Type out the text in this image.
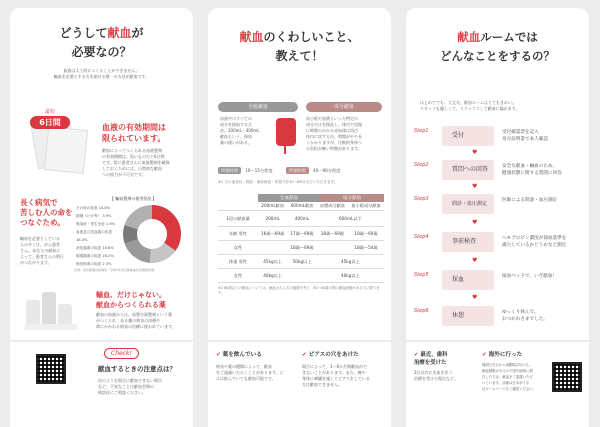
どうして献血が
必要なの？
血液は人工的につくることができません。
輸血を必要とする方を助ける唯一の方法が献血です。
最短
6日間
血液の有効期間は
限られています。
献血によってつくられる血液製剤
の有効期間は、短いものだと6日間
です。常に患者さんに血液製剤を確保
しておくためには、日常的な献血
への協力が不可欠です。
長く病気で
苦しむ人の命を
つなぐため。
輸血を必要としている
人の多くは、がん患者
さん。あなたの献血に
よって、患者さんの明日
がつながります。
【 輸血製剤の使用状況 】
悪性新生物
34.9%
その他の疾患 14.8%
損傷（けが等） 3.9%
感染症・寄生虫症 1.9%
血液及び造血器の疾患 18.3%
消化器系の疾患 10.6%
循環器系の疾患 16.2%
筋骨格系の疾患 2.3%
出典：東京都福祉保健局「令和4年東京都輸血状況調査結果」
輸血、だけじゃない。
献血からつくられる薬
献血の血液からは、血漿分画製剤という薬
がつくられ、ある種の病気の治療や
命にかかわる病気の治療に使われています。
Check!
献血するときの注意点は？
次のような場合に献血できない場合
など、不安なことは献血会場の
検診医にご相談ください。
献血のくわしいこと、
教えて！
全血献血	成分献血
血液中のすべての
成分を採血する方
法。200mL・400mL
献血という。採血
量の違いがある。
血小板や血漿といった特定の
成分だけを採血し、体内で回復
に時間のかかる赤血球は再び
体内に戻す方法。時間がやや長
くかかりますが、比較的身体へ
の負担が軽い特徴があります。
所要時間 10〜15分程度	所要時間 40〜90分程度
※1 その他受付・問診・事前検査・休憩で計30〜60分ほどいただきます。
全血献血	成分献血
	200mL献血	400mL献血	血漿成分献血	血小板成分献血
1回の献血量	200mL	400mL	600mL以下	
年齢 男性	16歳〜69歳	17歳〜69歳	18歳〜69歳	18歳〜69歳
女性		18歳〜69歳		18歳〜54歳
体重 男性	45kg以上	50kg以上	45kg以上	
女性	40kg以上		40kg以上	
※2 65歳以上の献血については、献血される方の健康を考え、60〜64歳の間に献血経験がある方に限ります。
✔ 薬を飲んでいる
病気や薬の種類によって、献血
をご遠慮いただくことがあります。ピ
ルは飲んでいても献血可能です。
✔ ピアスの穴をあけた
場合によって、1〜6か月間献血がで
きないことがあります。また、痩や
身体に刺繍を施してピアスをしている
方は献血できません。
献血ルームでは
どんなことをするの？
はじめてでも、大丈夫。献血ルームはとてもきれい。
スタッフも優しくて、リラックスして献血に臨めます。
Step1
受付	受付確認票を記入
身分証明書で本人確認
Step2
質問への回答	安全な献血・輸血のため、
健康状態に関する質問に回答
Step3
問診・血圧測定
医師による問診・血圧測定
Step4
事前検査	ヘモグロビン濃度が採血基準を
満たしているかどうかなど測定
Step5
採血	採血ベッドで、いざ献血！
Step6
休憩	ゆっくり休んで、
おつかれさまでした。
♥
♥
♥
♥
♥
✔ 最近、歯科
治療を受けた
3日以内に出血を伴う
治療を受けた場合など。
✔ 海外に行った
帰国日当日から4週間以内の方。
献血制限があるので国や地域に滞
在した方は、献血をご遠慮いただ
いています。詳細は日本赤十字
社ホームページをご確認ください。
